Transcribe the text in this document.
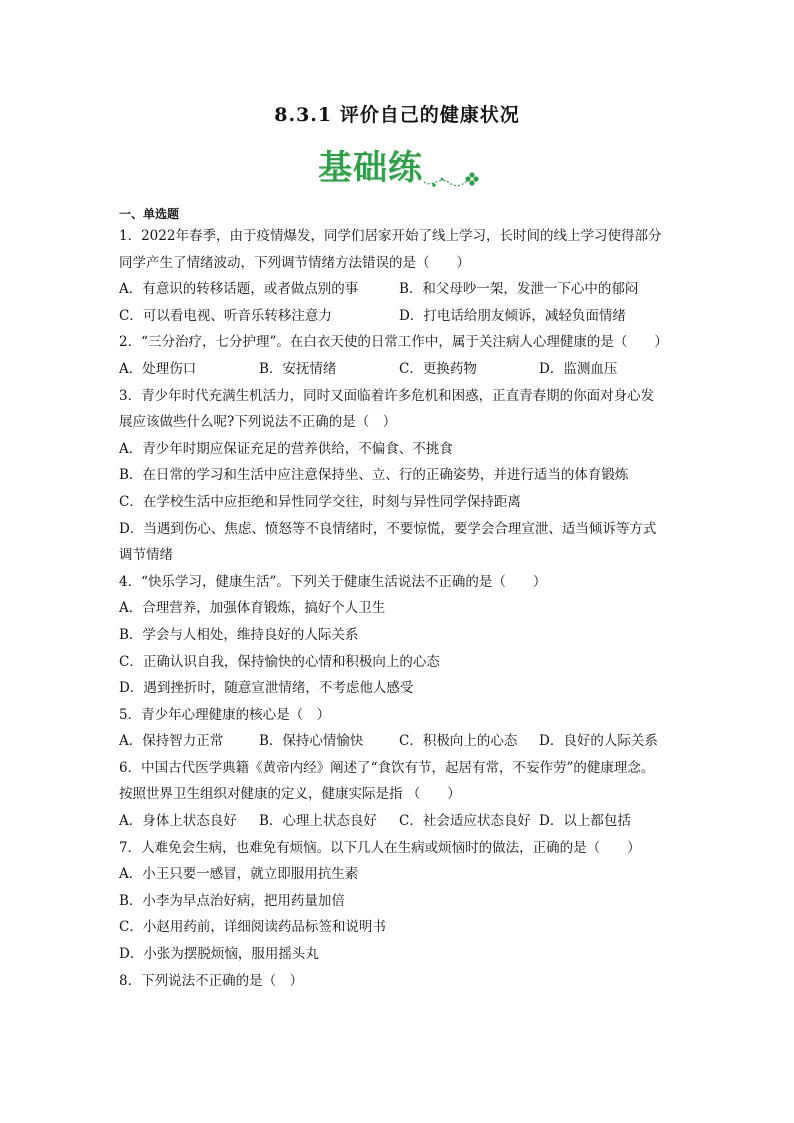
8.3.1 评价自己的健康状况
基础练
一、单选题
1．2022年春季，由于疫情爆发，同学们居家开始了线上学习，长时间的线上学习使得部分
同学产生了情绪波动，下列调节情绪方法错误的是（　　）
A．有意识的转移话题，或者做点别的事	B．和父母吵一架，发泄一下心中的郁闷
C．可以看电视、听音乐转移注意力	D．打电话给朋友倾诉，减轻负面情绪
2．“三分治疗，七分护理”。在白衣天使的日常工作中，属于关注病人心理健康的是（　　）
A．处理伤口	B．安抚情绪	C．更换药物	D．监测血压
3．青少年时代充满生机活力，同时又面临着许多危机和困惑，正直青春期的你面对身心发
展应该做些什么呢?下列说法不正确的是（　）
A．青少年时期应保证充足的营养供给，不偏食、不挑食
B．在日常的学习和生活中应注意保持坐、立、行的正确姿势，并进行适当的体育锻炼
C．在学校生活中应拒绝和异性同学交往，时刻与异性同学保持距离
D．当遇到伤心、焦虑、愤怒等不良情绪时，不要惊慌，要学会合理宣泄、适当倾诉等方式
调节情绪
4．“快乐学习，健康生活”。下列关于健康生活说法不正确的是（　　）
A．合理营养，加强体育锻炼，搞好个人卫生
B．学会与人相处，维持良好的人际关系
C．正确认识自我，保持愉快的心情和积极向上的心态
D．遇到挫折时，随意宣泄情绪，不考虑他人感受
5．青少年心理健康的核心是（　）
A．保持智力正常	B．保持心情愉快	C．积极向上的心态	D．良好的人际关系
6．中国古代医学典籍《黄帝内经》阐述了“食饮有节，起居有常，不妄作劳”的健康理念。
按照世界卫生组织对健康的定义，健康实际是指 （　　）
A．身体上状态良好	B．心理上状态良好	C．社会适应状态良好 D．以上都包括
7．人难免会生病，也难免有烦恼。以下几人在生病或烦恼时的做法，正确的是（　　）
A．小王只要一感冒，就立即服用抗生素
B．小李为早点治好病，把用药量加倍
C．小赵用药前，详细阅读药品标签和说明书
D．小张为摆脱烦恼，服用摇头丸
8．下列说法不正确的是（　）
